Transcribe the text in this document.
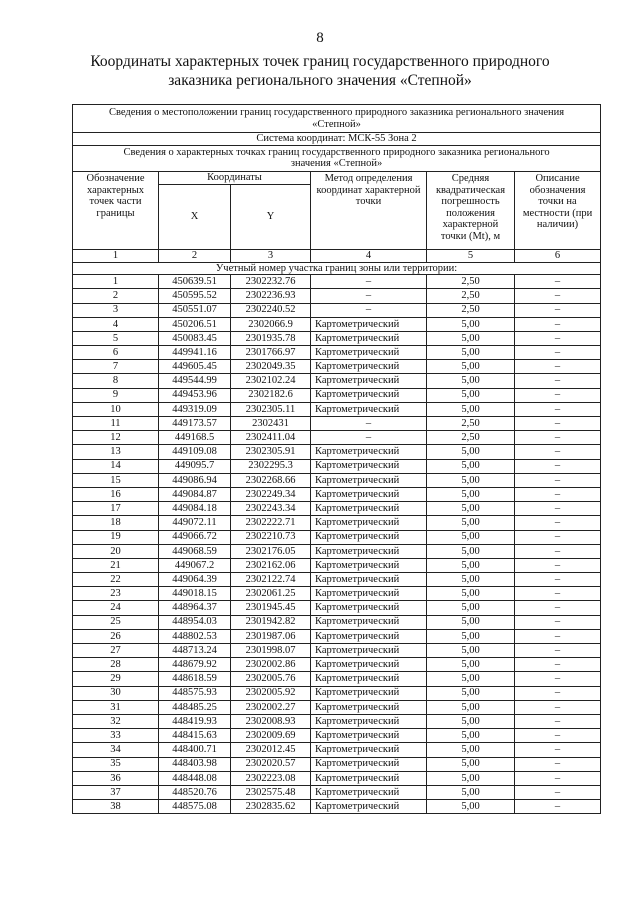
8
Координаты характерных точек границ государственного природного
заказника регионального значения «Степной»
Сведения о местоположении границ государственного природного заказника регионального значения
«Степной»					

Система координат: МСК-55 Зона 2					

Сведения о характерных точках границ государственного природного заказника регионального
значения «Степной»					

Обозначение характерных точек части границы	Координаты		Метод определения координат характерной точки	Средняя квадратическая погрешность положения характерной точки (Mt), м	Описание обозначения точки на местности (при наличии)
	X	Y			
1	2	3	4	5	6
Учетный номер участка границ зоны или территории:					
1	450639.51	2302232.76	–	2,50	–
2	450595.52	2302236.93	–	2,50	–
3	450551.07	2302240.52	–	2,50	–
4	450206.51	2302066.9	Картометрический	5,00	–
5	450083.45	2301935.78	Картометрический	5,00	–
6	449941.16	2301766.97	Картометрический	5,00	–
7	449605.45	2302049.35	Картометрический	5,00	–
8	449544.99	2302102.24	Картометрический	5,00	–
9	449453.96	2302182.6	Картометрический	5,00	–
10	449319.09	2302305.11	Картометрический	5,00	–
11	449173.57	2302431	–	2,50	–
12	449168.5	2302411.04	–	2,50	–
13	449109.08	2302305.91	Картометрический	5,00	–
14	449095.7	2302295.3	Картометрический	5,00	–
15	449086.94	2302268.66	Картометрический	5,00	–
16	449084.87	2302249.34	Картометрический	5,00	–
17	449084.18	2302243.34	Картометрический	5,00	–
18	449072.11	2302222.71	Картометрический	5,00	–
19	449066.72	2302210.73	Картометрический	5,00	–
20	449068.59	2302176.05	Картометрический	5,00	–
21	449067.2	2302162.06	Картометрический	5,00	–
22	449064.39	2302122.74	Картометрический	5,00	–
23	449018.15	2302061.25	Картометрический	5,00	–
24	448964.37	2301945.45	Картометрический	5,00	–
25	448954.03	2301942.82	Картометрический	5,00	–
26	448802.53	2301987.06	Картометрический	5,00	–
27	448713.24	2301998.07	Картометрический	5,00	–
28	448679.92	2302002.86	Картометрический	5,00	–
29	448618.59	2302005.76	Картометрический	5,00	–
30	448575.93	2302005.92	Картометрический	5,00	–
31	448485.25	2302002.27	Картометрический	5,00	–
32	448419.93	2302008.93	Картометрический	5,00	–
33	448415.63	2302009.69	Картометрический	5,00	–
34	448400.71	2302012.45	Картометрический	5,00	–
35	448403.98	2302020.57	Картометрический	5,00	–
36	448448.08	2302223.08	Картометрический	5,00	–
37	448520.76	2302575.48	Картометрический	5,00	–
38	448575.08	2302835.62	Картометрический	5,00	–
